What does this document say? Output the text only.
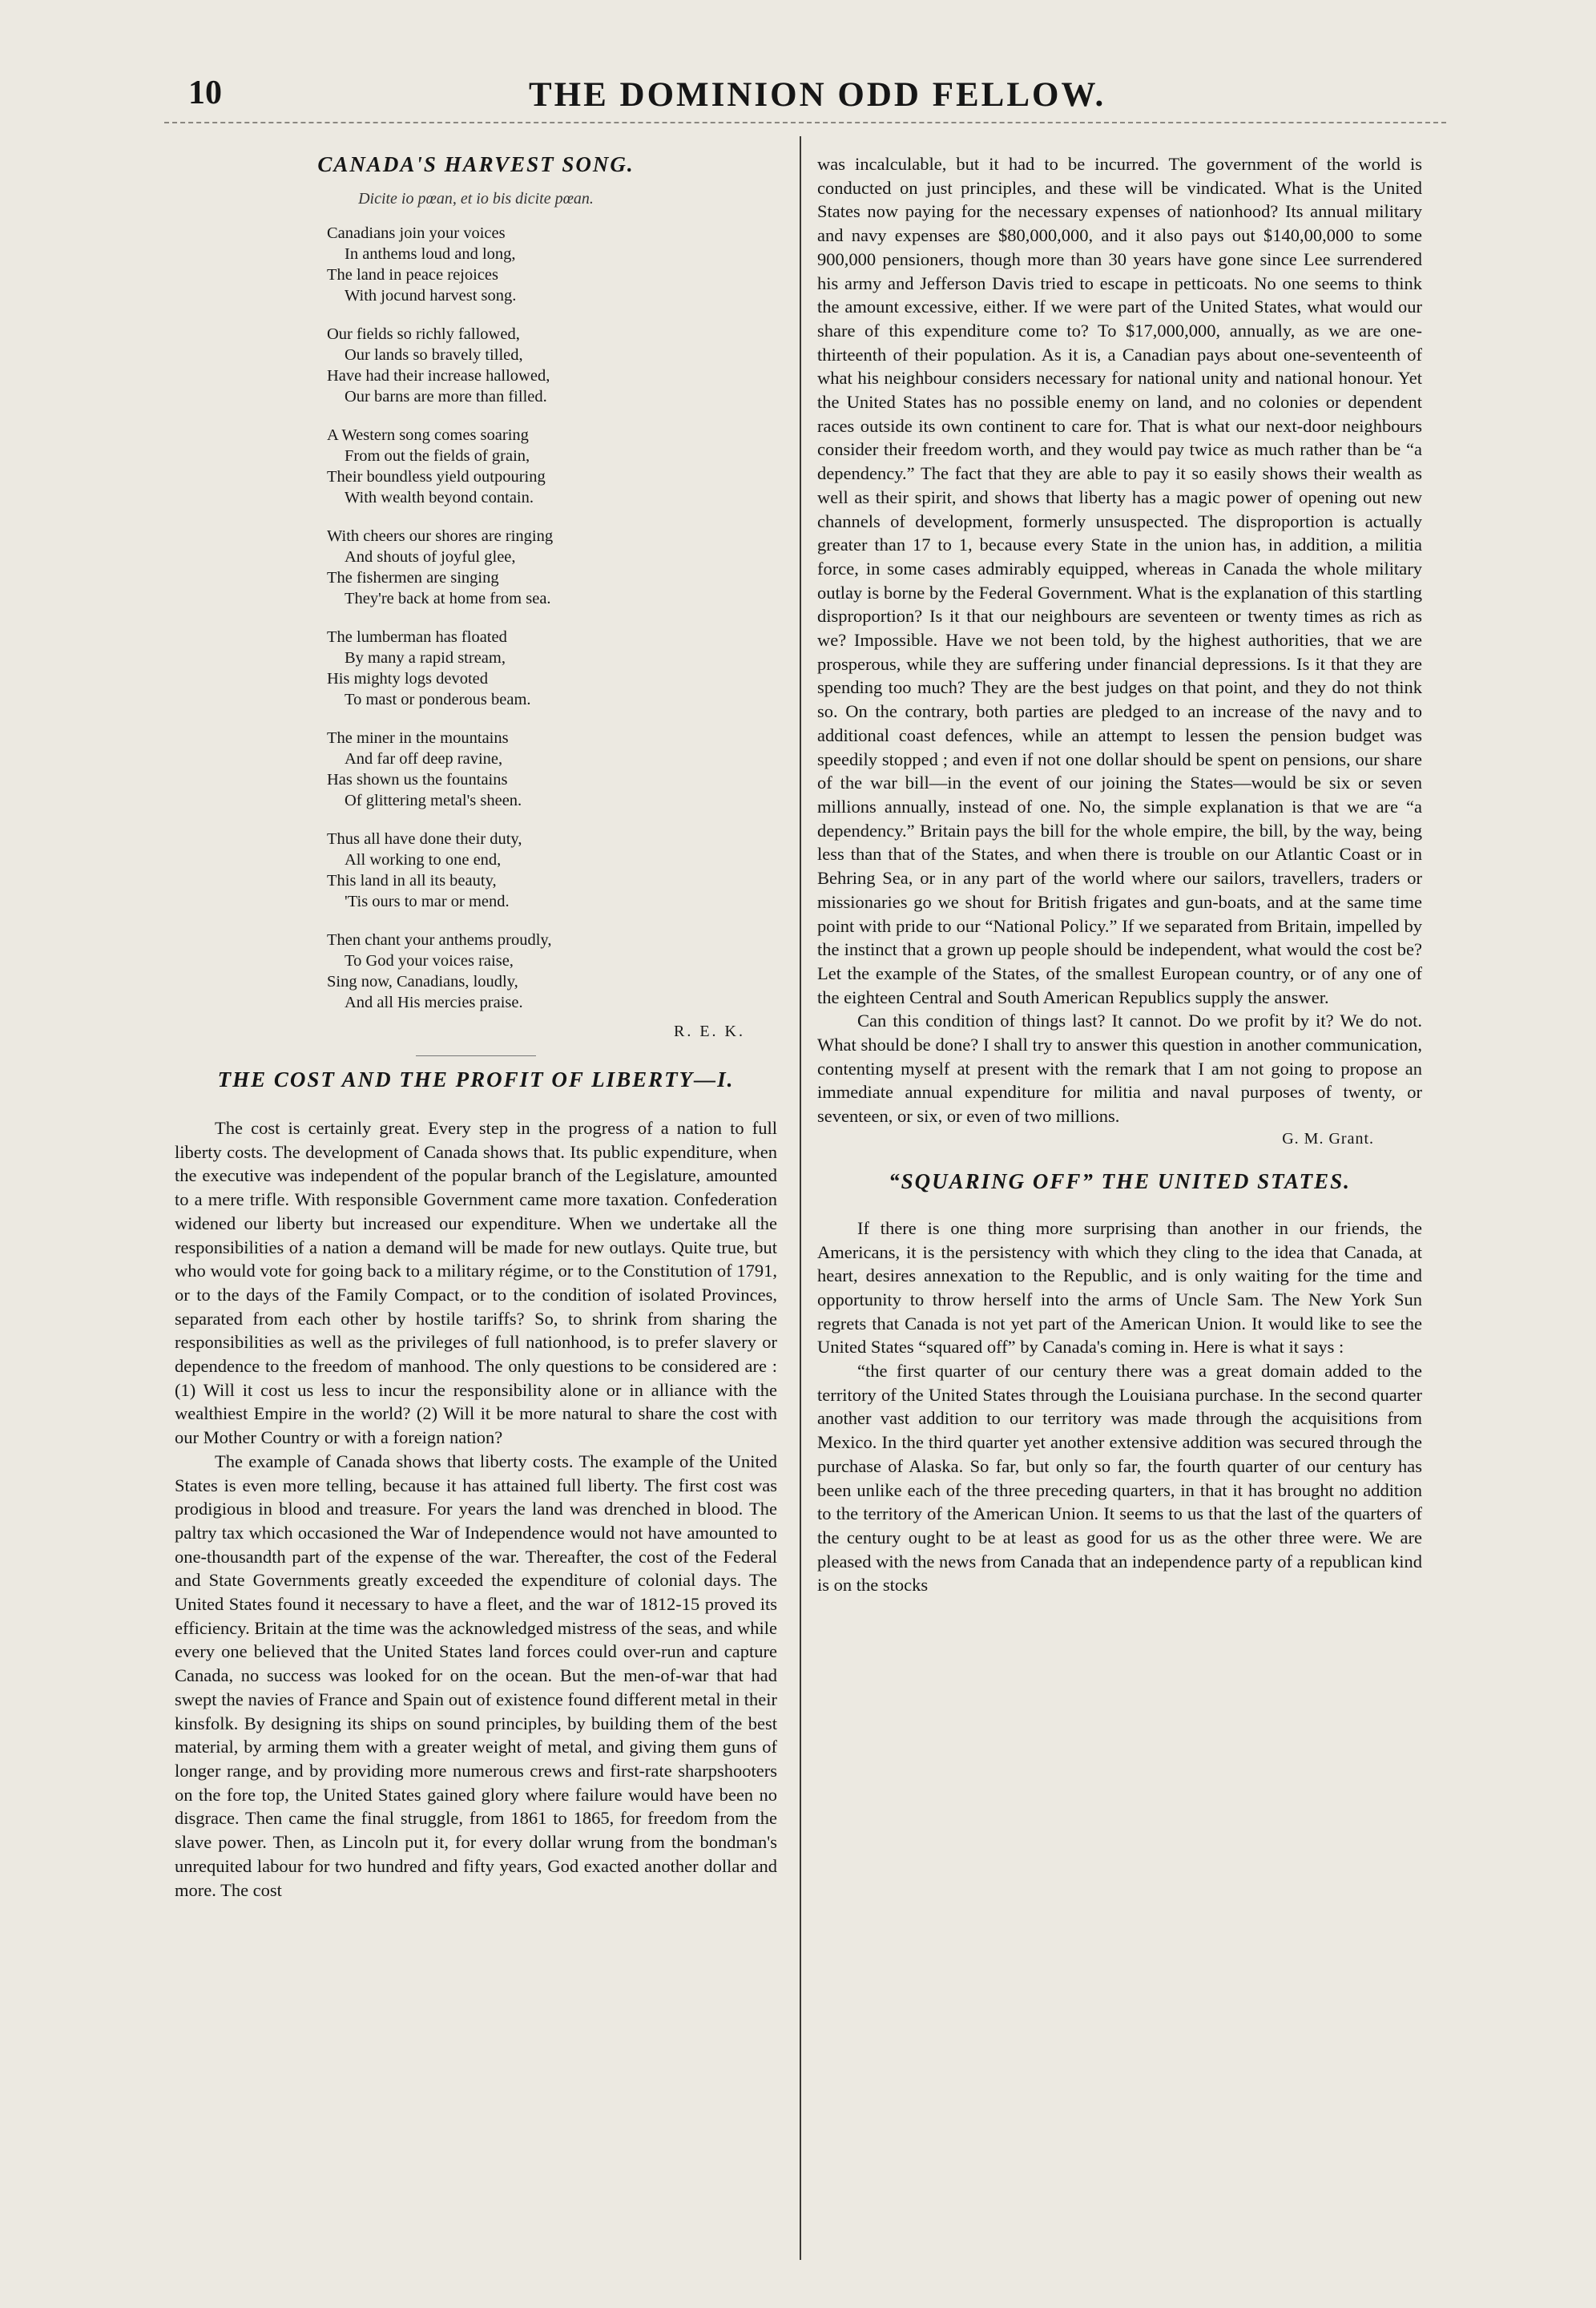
10	THE DOMINION ODD FELLOW.
CANADA'S HARVEST SONG.
Dicite io pœan, et io bis dicite pœan.
Canadians join your voices
In anthems loud and long,
The land in peace rejoices
With jocund harvest song.
Our fields so richly fallowed,
Our lands so bravely tilled,
Have had their increase hallowed,
Our barns are more than filled.
A Western song comes soaring
From out the fields of grain,
Their boundless yield outpouring
With wealth beyond contain.
With cheers our shores are ringing
And shouts of joyful glee,
The fishermen are singing
They're back at home from sea.
The lumberman has floated
By many a rapid stream,
His mighty logs devoted
To mast or ponderous beam.
The miner in the mountains
And far off deep ravine,
Has shown us the fountains
Of glittering metal's sheen.
Thus all have done their duty,
All working to one end,
This land in all its beauty,
'Tis ours to mar or mend.
Then chant your anthems proudly,
To God your voices raise,
Sing now, Canadians, loudly,
And all His mercies praise.
R. E. K.
THE COST AND THE PROFIT OF LIBERTY—I.

The cost is certainly great. Every step in the progress of a nation to full liberty costs. The development of Canada shows that. Its public expenditure, when the executive was independent of the popular branch of the Legislature, amounted to a mere trifle. With responsible Government came more taxation. Confederation widened our liberty but increased our expenditure. When we undertake all the responsibilities of a nation a demand will be made for new outlays. Quite true, but who would vote for going back to a military régime, or to the Constitution of 1791, or to the days of the Family Compact, or to the condition of isolated Provinces, separated from each other by hostile tariffs? So, to shrink from sharing the responsibilities as well as the privileges of full nationhood, is to prefer slavery or dependence to the freedom of manhood. The only questions to be considered are : (1) Will it cost us less to incur the responsibility alone or in alliance with the wealthiest Empire in the world? (2) Will it be more natural to share the cost with our Mother Country or with a foreign nation?

The example of Canada shows that liberty costs. The example of the United States is even more telling, because it has attained full liberty. The first cost was prodigious in blood and treasure. For years the land was drenched in blood. The paltry tax which occasioned the War of Independence would not have amounted to one-thousandth part of the expense of the war. Thereafter, the cost of the Federal and State Governments greatly exceeded the expenditure of colonial days. The United States found it necessary to have a fleet, and the war of 1812-15 proved its efficiency. Britain at the time was the acknowledged mistress of the seas, and while every one believed that the United States land forces could over-run and capture Canada, no success was looked for on the ocean. But the men-of-war that had swept the navies of France and Spain out of existence found different metal in their kinsfolk. By designing its ships on sound principles, by building them of the best material, by arming them with a greater weight of metal, and giving them guns of longer range, and by providing more numerous crews and first-rate sharpshooters on the fore top, the United States gained glory where failure would have been no disgrace. Then came the final struggle, from 1861 to 1865, for freedom from the slave power. Then, as Lincoln put it, for every dollar wrung from the bondman's unrequited labour for two hundred and fifty years, God exacted another dollar and more. The cost

was incalculable, but it had to be incurred. The government of the world is conducted on just principles, and these will be vindicated. What is the United States now paying for the necessary expenses of nationhood? Its annual military and navy expenses are $80,000,000, and it also pays out $140,00,000 to some 900,000 pensioners, though more than 30 years have gone since Lee surrendered his army and Jefferson Davis tried to escape in petticoats. No one seems to think the amount excessive, either. If we were part of the United States, what would our share of this expenditure come to? To $17,000,000, annually, as we are one-thirteenth of their population. As it is, a Canadian pays about one-seventeenth of what his neighbour considers necessary for national unity and national honour. Yet the United States has no possible enemy on land, and no colonies or dependent races outside its own continent to care for. That is what our next-door neighbours consider their freedom worth, and they would pay twice as much rather than be “a dependency.” The fact that they are able to pay it so easily shows their wealth as well as their spirit, and shows that liberty has a magic power of opening out new channels of development, formerly unsuspected. The disproportion is actually greater than 17 to 1, because every State in the union has, in addition, a militia force, in some cases admirably equipped, whereas in Canada the whole military outlay is borne by the Federal Government. What is the explanation of this startling disproportion? Is it that our neighbours are seventeen or twenty times as rich as we? Impossible. Have we not been told, by the highest authorities, that we are prosperous, while they are suffering under financial depressions. Is it that they are spending too much? They are the best judges on that point, and they do not think so. On the contrary, both parties are pledged to an increase of the navy and to additional coast defences, while an attempt to lessen the pension budget was speedily stopped ; and even if not one dollar should be spent on pensions, our share of the war bill—in the event of our joining the States—would be six or seven millions annually, instead of one. No, the simple explanation is that we are “a dependency.” Britain pays the bill for the whole empire, the bill, by the way, being less than that of the States, and when there is trouble on our Atlantic Coast or in Behring Sea, or in any part of the world where our sailors, travellers, traders or missionaries go we shout for British frigates and gun-boats, and at the same time point with pride to our “National Policy.” If we separated from Britain, impelled by the instinct that a grown up people should be independent, what would the cost be? Let the example of the States, of the smallest European country, or of any one of the eighteen Central and South American Republics supply the answer.

Can this condition of things last? It cannot. Do we profit by it? We do not. What should be done? I shall try to answer this question in another communication, contenting myself at present with the remark that I am not going to propose an immediate annual expenditure for militia and naval purposes of twenty, or seventeen, or six, or even of two millions.

G. M. Grant.
“SQUARING OFF” THE UNITED STATES.

If there is one thing more surprising than another in our friends, the Americans, it is the persistency with which they cling to the idea that Canada, at heart, desires annexation to the Republic, and is only waiting for the time and opportunity to throw herself into the arms of Uncle Sam. The New York Sun regrets that Canada is not yet part of the American Union. It would like to see the United States “squared off” by Canada's coming in. Here is what it says :

“the first quarter of our century there was a great domain added to the territory of the United States through the Louisiana purchase. In the second quarter another vast addition to our territory was made through the acquisitions from Mexico. In the third quarter yet another extensive addition was secured through the purchase of Alaska. So far, but only so far, the fourth quarter of our century has been unlike each of the three preceding quarters, in that it has brought no addition to the territory of the American Union. It seems to us that the last of the quarters of the century ought to be at least as good for us as the other three were. We are pleased with the news from Canada that an independence party of a republican kind is on the stocks
